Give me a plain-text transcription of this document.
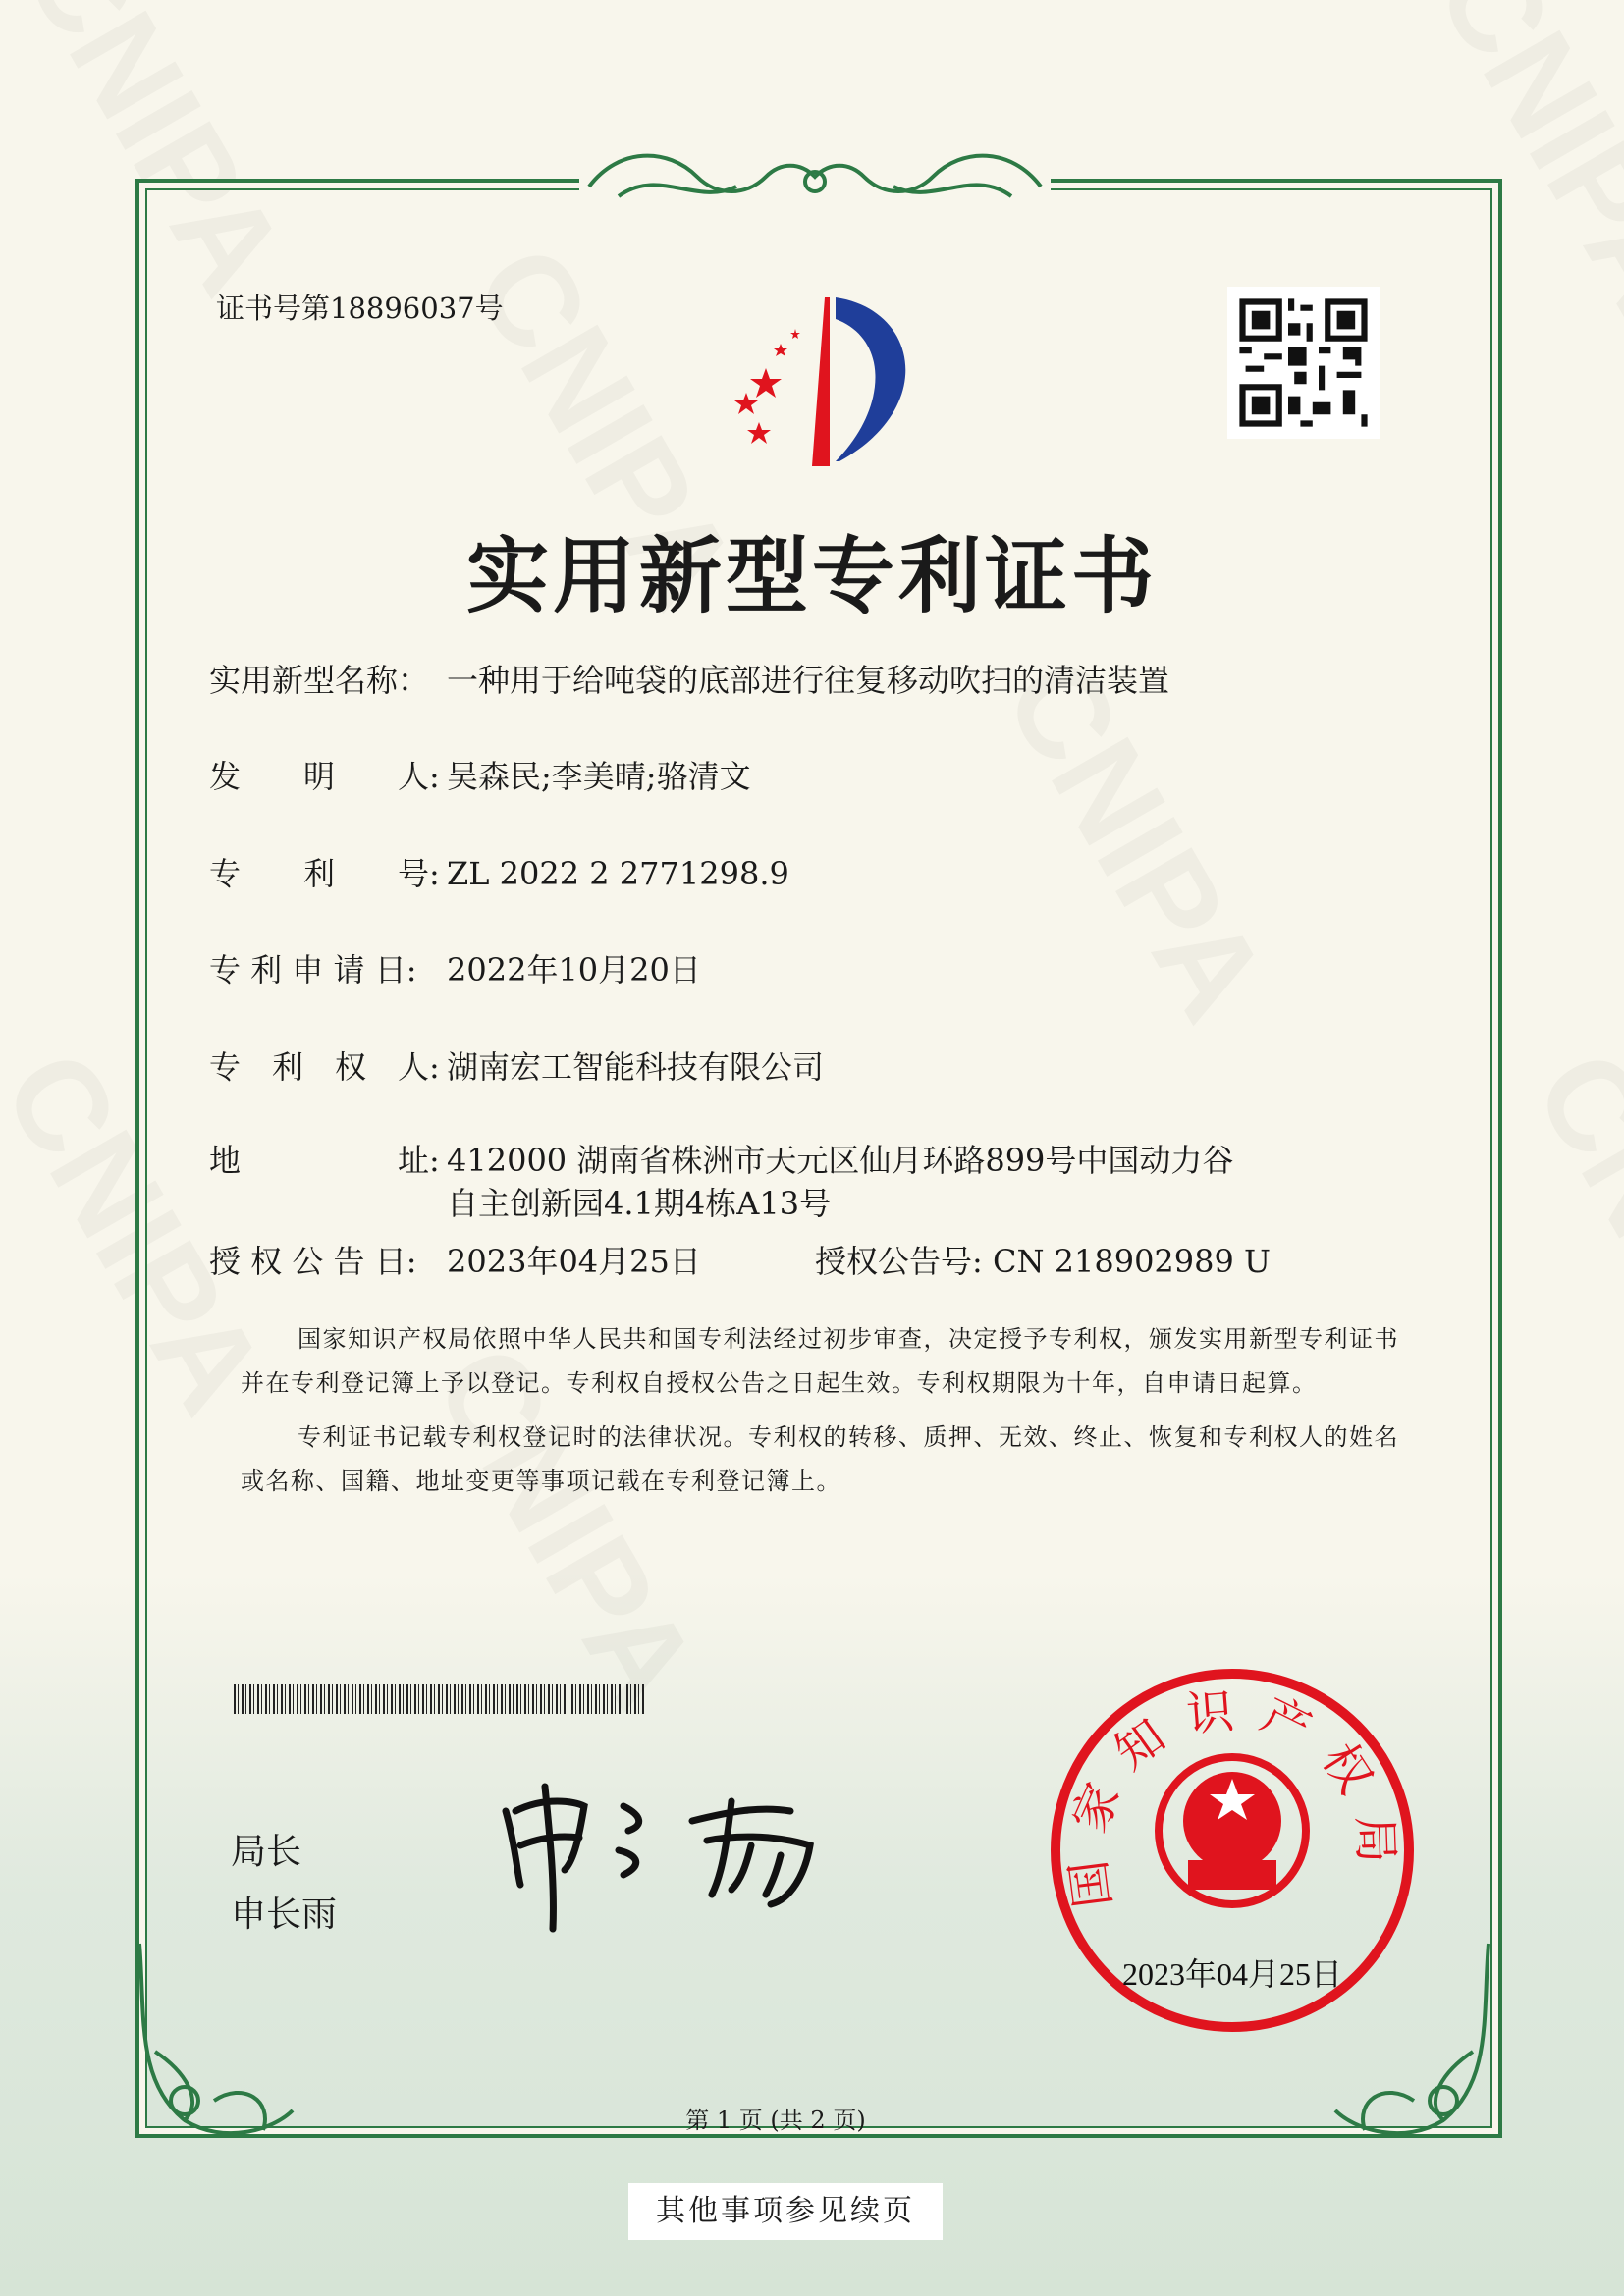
证书号第18896037号
实用新型专利证书
实用新型名称： 一种用于给吨袋的底部进行往复移动吹扫的清洁装置
发　　明　　人: 吴森民;李美晴;骆清文
专　　利　　号: ZL 2022 2 2771298.9
专 利 申 请 日: 2022年10月20日
专　利　权　人: 湖南宏工智能科技有限公司
地　　　　　址: 412000 湖南省株洲市天元区仙月环路899号中国动力谷
自主创新园4.1期4栋A13号
授 权 公 告 日: 2023年04月25日	授权公告号: CN 218902989 U

国家知识产权局依照中华人民共和国专利法经过初步审查，决定授予专利权，颁发实用新型专利证书并在专利登记簿上予以登记。专利权自授权公告之日起生效。专利权期限为十年，自申请日起算。

专利证书记载专利权登记时的法律状况。专利权的转移、质押、无效、终止、恢复和专利权人的姓名或名称、国籍、地址变更等事项记载在专利登记簿上。

局长
申长雨
国家知识产权局
2023年04月25日
第 1 页 (共 2 页)
其他事项参见续页
